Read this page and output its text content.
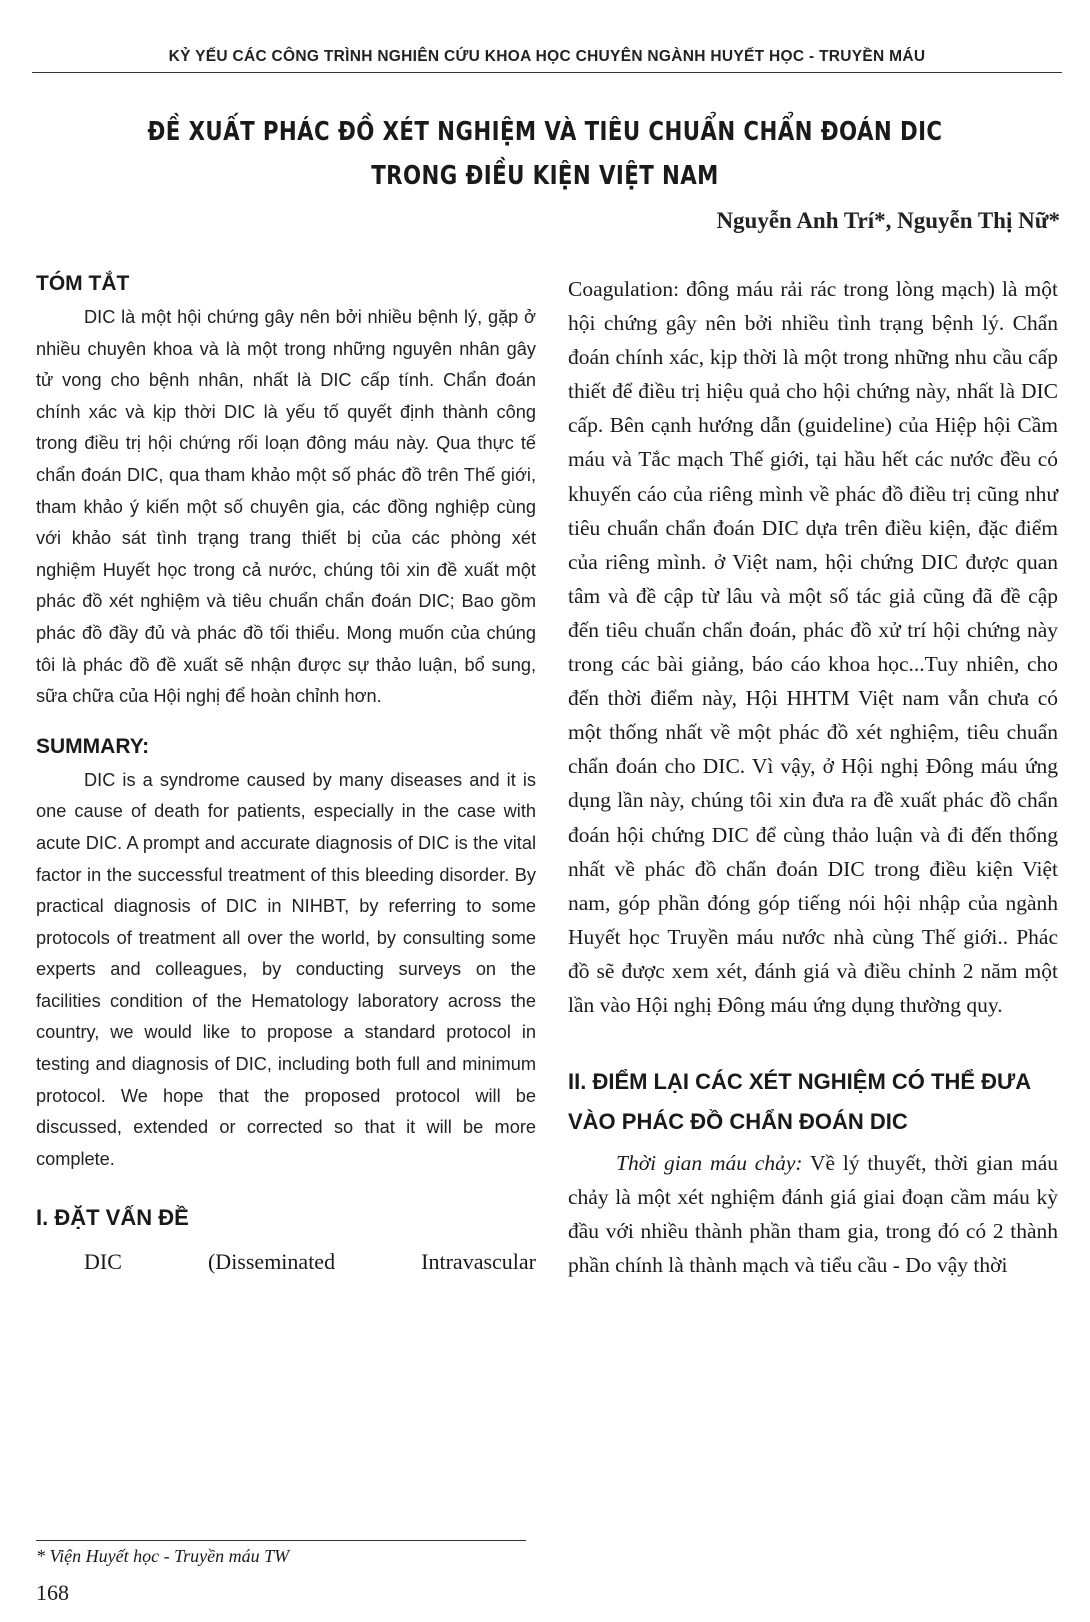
KỶ YẾU CÁC CÔNG TRÌNH NGHIÊN CỨU KHOA HỌC CHUYÊN NGÀNH HUYẾT HỌC - TRUYỀN MÁU
ĐỀ XUẤT PHÁC ĐỒ XÉT NGHIỆM VÀ TIÊU CHUẨN CHẨN ĐOÁN DIC
TRONG ĐIỀU KIỆN VIỆT NAM
Nguyễn Anh Trí*, Nguyễn Thị Nữ*
TÓM TẮT

DIC là một hội chứng gây nên bởi nhiều bệnh lý, gặp ở nhiều chuyên khoa và là một trong những nguyên nhân gây tử vong cho bệnh nhân, nhất là DIC cấp tính. Chẩn đoán chính xác và kịp thời DIC là yếu tố quyết định thành công trong điều trị hội chứng rối loạn đông máu này. Qua thực tế chẩn đoán DIC, qua tham khảo một số phác đồ trên Thế giới, tham khảo ý kiến một số chuyên gia, các đồng nghiệp cùng với khảo sát tình trạng trang thiết bị của các phòng xét nghiệm Huyết học trong cả nước, chúng tôi xin đề xuất một phác đồ xét nghiệm và tiêu chuẩn chẩn đoán DIC; Bao gồm phác đồ đầy đủ và phác đồ tối thiểu. Mong muốn của chúng tôi là phác đồ đề xuất sẽ nhận được sự thảo luận, bổ sung, sữa chữa của Hội nghị để hoàn chỉnh hơn.

SUMMARY:

DIC is a syndrome caused by many diseases and it is one cause of death for patients, especially in the case with acute DIC. A prompt and accurate diagnosis of DIC is the vital factor in the successful treatment of this bleeding disorder. By practical diagnosis of DIC in NIHBT, by referring to some protocols of treatment all over the world, by consulting some experts and colleagues, by conducting surveys on the facilities condition of the Hematology laboratory across the country, we would like to propose a standard protocol in testing and diagnosis of DIC, including both full and minimum protocol. We hope that the proposed protocol will be discussed, extended or corrected so that it will be more complete.

I. ĐẶT VẤN ĐỀ
DIC	(Disseminated	Intravascular

Coagulation: đông máu rải rác trong lòng mạch) là một hội chứng gây nên bởi nhiều tình trạng bệnh lý. Chẩn đoán chính xác, kịp thời là một trong những nhu cầu cấp thiết để điều trị hiệu quả cho hội chứng này, nhất là DIC cấp. Bên cạnh hướng dẫn (guideline) của Hiệp hội Cầm máu và Tắc mạch Thế giới, tại hầu hết các nước đều có khuyến cáo của riêng mình về phác đồ điều trị cũng như tiêu chuẩn chẩn đoán DIC dựa trên điều kiện, đặc điểm của riêng mình. ở Việt nam, hội chứng DIC được quan tâm và đề cập từ lâu và một số tác giả cũng đã đề cập đến tiêu chuẩn chẩn đoán, phác đồ xử trí hội chứng này trong các bài giảng, báo cáo khoa học...Tuy nhiên, cho đến thời điểm này, Hội HHTM Việt nam vẫn chưa có một thống nhất về một phác đồ xét nghiệm, tiêu chuẩn chẩn đoán cho DIC. Vì vậy, ở Hội nghị Đông máu ứng dụng lần này, chúng tôi xin đưa ra đề xuất phác đồ chẩn đoán hội chứng DIC để cùng thảo luận và đi đến thống nhất về phác đồ chẩn đoán DIC trong điều kiện Việt nam, góp phần đóng góp tiếng nói hội nhập của ngành Huyết học Truyền máu nước nhà cùng Thế giới.. Phác đồ sẽ được xem xét, đánh giá và điều chỉnh 2 năm một lần vào Hội nghị Đông máu ứng dụng thường quy.

II. ĐIỂM LẠI CÁC XÉT NGHIỆM CÓ THỂ ĐƯA VÀO PHÁC ĐỒ CHẨN ĐOÁN DIC

Thời gian máu chảy: Về lý thuyết, thời gian máu chảy là một xét nghiệm đánh giá giai đoạn cầm máu kỳ đầu với nhiều thành phần tham gia, trong đó có 2 thành phần chính là thành mạch và tiểu cầu - Do vậy thời

* Viện Huyết học - Truyền máu TW
168
